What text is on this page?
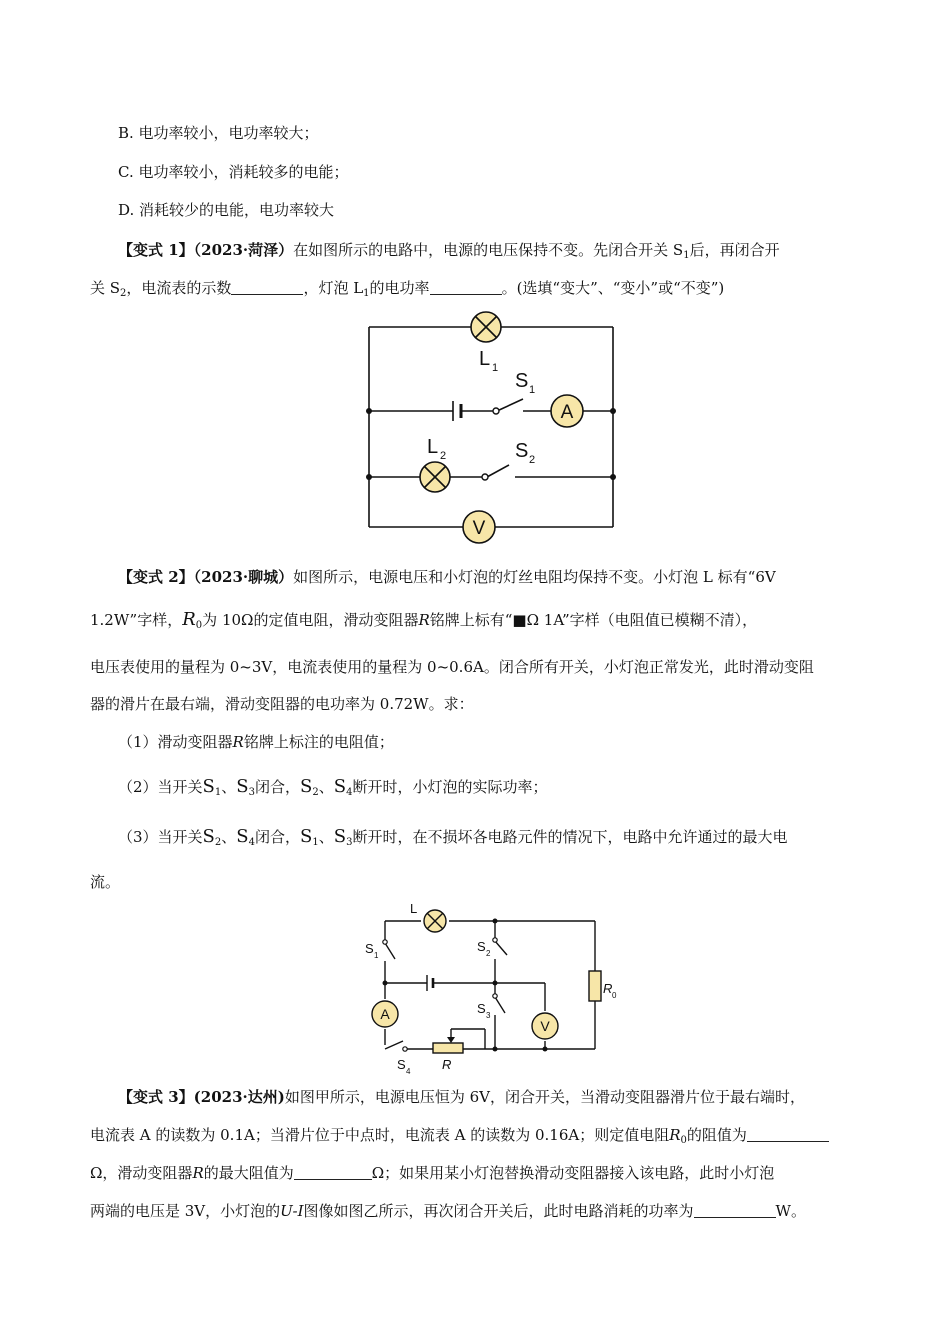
B. 电功率较小，电功率较大；
C. 电功率较小，消耗较多的电能；
D. 消耗较少的电能，电功率较大
【变式 1】（2023·菏泽）在如图所示的电路中，电源的电压保持不变。先闭合开关 $S_1$后，再闭合开
关 $S_2$，电流表的示数	，灯泡 $L_1$的电功率	。(选填“变大”、“变小”或“不变”)
A
V
L 1
S 1
L 2	S 2
【变式 2】（2023·聊城）如图所示，电源电压和小灯泡的灯丝电阻均保持不变。小灯泡 L 标有“6V
1.2W”字样，$R_0$为 10Ω的定值电阻，滑动变阻器R铭牌上标有“■Ω 1A”字样（电阻值已模糊不清），
电压表使用的量程为 0~3V，电流表使用的量程为 0~0.6A。闭合所有开关，小灯泡正常发光，此时滑动变阻
器的滑片在最右端，滑动变阻器的电功率为 0.72W。求：
（1）滑动变阻器R铭牌上标注的电阻值；
（2）当开关$S_1$、$S_3$闭合，$S_2$、$S_4$断开时，小灯泡的实际功率；
（3）当开关$S_2$、$S_4$闭合，$S_1$、$S_3$断开时，在不损坏各电路元件的情况下，电路中允许通过的最大电
流。
A
V
L
S 1
S 2
S 3
S 4
R 0
R
【变式 3】(2023·达州)如图甲所示，电源电压恒为 6V，闭合开关，当滑动变阻器滑片位于最右端时，
电流表 A 的读数为 0.1A；当滑片位于中点时，电流表 A 的读数为 0.16A；则定值电阻$R_0$的阻值为
Ω，滑动变阻器R的最大阻值为	Ω；如果用某小灯泡替换滑动变阻器接入该电路，此时小灯泡
两端的电压是 3V，小灯泡的U-I图像如图乙所示，再次闭合开关后，此时电路消耗的功率为	W。
